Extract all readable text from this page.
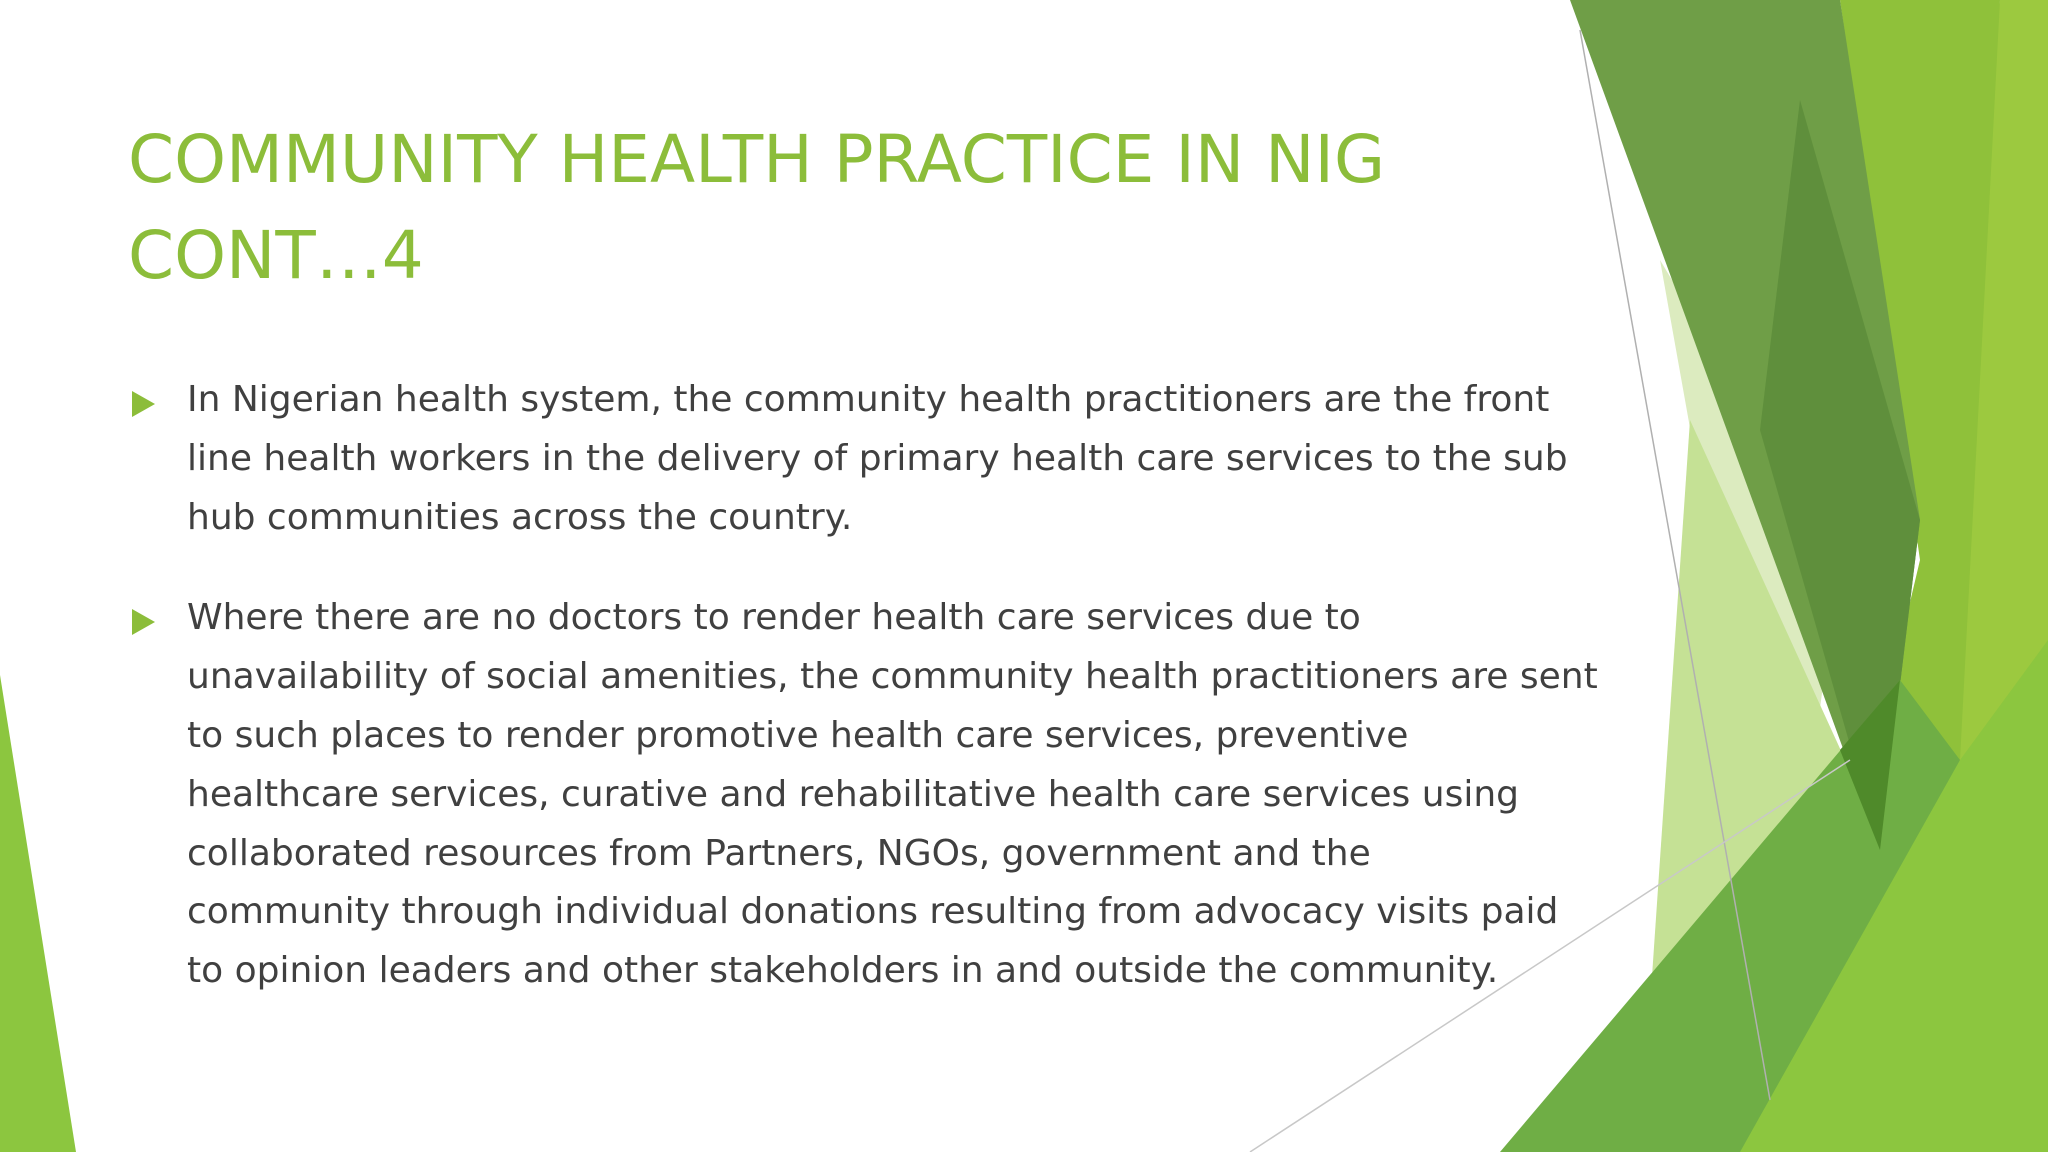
COMMUNITY HEALTH PRACTICE IN NIG
CONT…4
In Nigerian health system, the community health practitioners are the front
line health workers in the delivery of primary health care services to the sub
hub communities across the country.
Where there are no doctors to render health care services due to
unavailability of social amenities, the community health practitioners are sent
to such places to render promotive health care services, preventive
healthcare services, curative and rehabilitative health care services using
collaborated resources from Partners, NGOs, government and the
community through individual donations resulting from advocacy visits paid
to opinion leaders and other stakeholders in and outside the community.
